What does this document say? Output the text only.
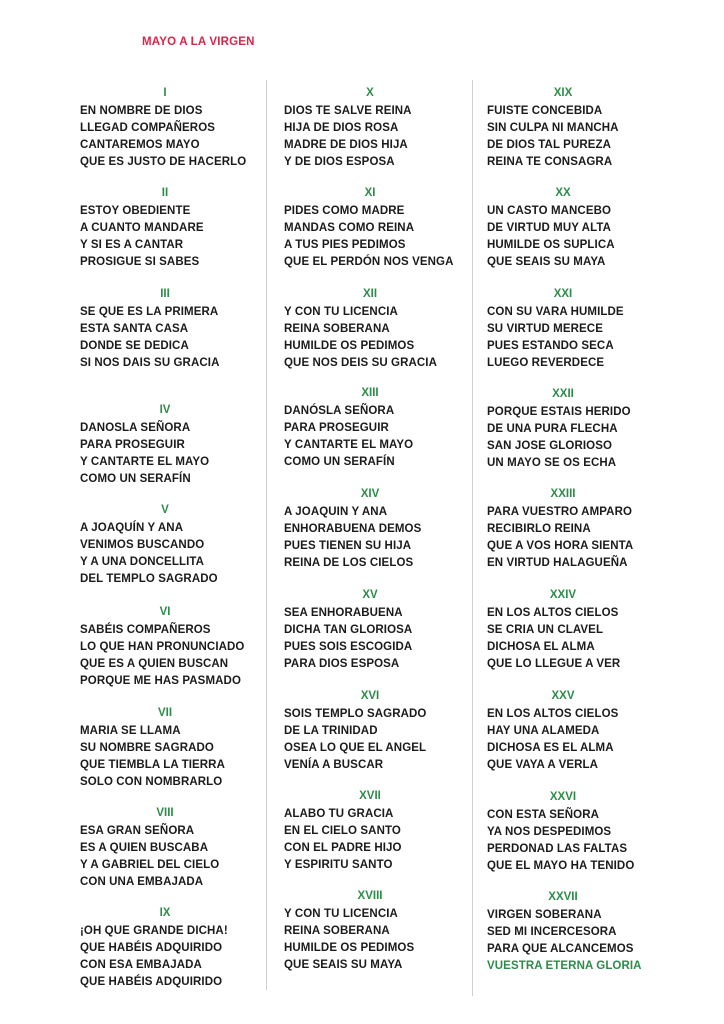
MAYO A LA VIRGEN
I
EN NOMBRE DE DIOS
LLEGAD COMPAÑEROS
CANTAREMOS MAYO
QUE ES JUSTO DE HACERLO
II
ESTOY OBEDIENTE
A CUANTO MANDARE
Y SI ES A CANTAR
PROSIGUE SI SABES
III
SE QUE ES LA PRIMERA
ESTA SANTA CASA
DONDE SE DEDICA
SI NOS DAIS SU GRACIA
IV
DANOSLA SEÑORA
PARA PROSEGUIR
Y CANTARTE EL MAYO
COMO UN SERAFÍN
V
A JOAQUÍN Y ANA
VENIMOS BUSCANDO
Y A UNA DONCELLITA
DEL TEMPLO SAGRADO
VI
SABÉIS COMPAÑEROS
LO QUE HAN PRONUNCIADO
QUE ES A QUIEN BUSCAN
PORQUE ME HAS PASMADO
VII
MARIA SE LLAMA
SU NOMBRE SAGRADO
QUE TIEMBLA LA TIERRA
SOLO CON NOMBRARLO
VIII
ESA GRAN SEÑORA
ES A QUIEN BUSCABA
Y A GABRIEL DEL CIELO
CON UNA EMBAJADA
IX
¡OH QUE GRANDE DICHA!
QUE HABÉIS ADQUIRIDO
CON ESA EMBAJADA
QUE HABÉIS ADQUIRIDO
X
DIOS TE SALVE REINA
HIJA DE DIOS ROSA
MADRE DE DIOS HIJA
Y DE DIOS ESPOSA
XI
PIDES COMO MADRE
MANDAS COMO REINA
A TUS PIES PEDIMOS
QUE EL PERDÓN NOS VENGA
XII
Y CON TU LICENCIA
REINA SOBERANA
HUMILDE OS PEDIMOS
QUE NOS DEIS SU GRACIA
XIII
DANÓSLA SEÑORA
PARA PROSEGUIR
Y CANTARTE EL MAYO
COMO UN SERAFÍN
XIV
A JOAQUIN Y ANA
ENHORABUENA DEMOS
PUES TIENEN SU HIJA
REINA DE LOS CIELOS
XV
SEA ENHORABUENA
DICHA TAN GLORIOSA
PUES SOIS ESCOGIDA
PARA DIOS ESPOSA
XVI
SOIS TEMPLO SAGRADO
DE LA TRINIDAD
OSEA LO QUE EL ANGEL
VENÍA A BUSCAR
XVII
ALABO TU GRACIA
EN EL CIELO SANTO
CON EL PADRE HIJO
Y ESPIRITU SANTO
XVIII
Y CON TU LICENCIA
REINA SOBERANA
HUMILDE OS PEDIMOS
QUE SEAIS SU MAYA
XIX
FUISTE CONCEBIDA
SIN CULPA NI MANCHA
DE DIOS TAL PUREZA
REINA TE CONSAGRA
XX
UN CASTO MANCEBO
DE VIRTUD MUY ALTA
HUMILDE OS SUPLICA
QUE SEAIS SU MAYA
XXI
CON SU VARA HUMILDE
SU VIRTUD MERECE
PUES ESTANDO SECA
LUEGO REVERDECE
XXII
PORQUE ESTAIS HERIDO
DE UNA PURA FLECHA
SAN JOSE GLORIOSO
UN MAYO SE OS ECHA
XXIII
PARA VUESTRO AMPARO
RECIBIRLO REINA
QUE A VOS HORA SIENTA
EN VIRTUD HALAGUEÑA
XXIV
EN LOS ALTOS CIELOS
SE CRIA UN CLAVEL
DICHOSA EL ALMA
QUE LO LLEGUE A VER
XXV
EN LOS ALTOS CIELOS
HAY UNA ALAMEDA
DICHOSA ES EL ALMA
QUE VAYA A VERLA
XXVI
CON ESTA SEÑORA
YA NOS DESPEDIMOS
PERDONAD LAS FALTAS
QUE EL MAYO HA TENIDO
XXVII
VIRGEN SOBERANA
SED MI INCERCESORA
PARA QUE ALCANCEMOS
VUESTRA ETERNA GLORIA
